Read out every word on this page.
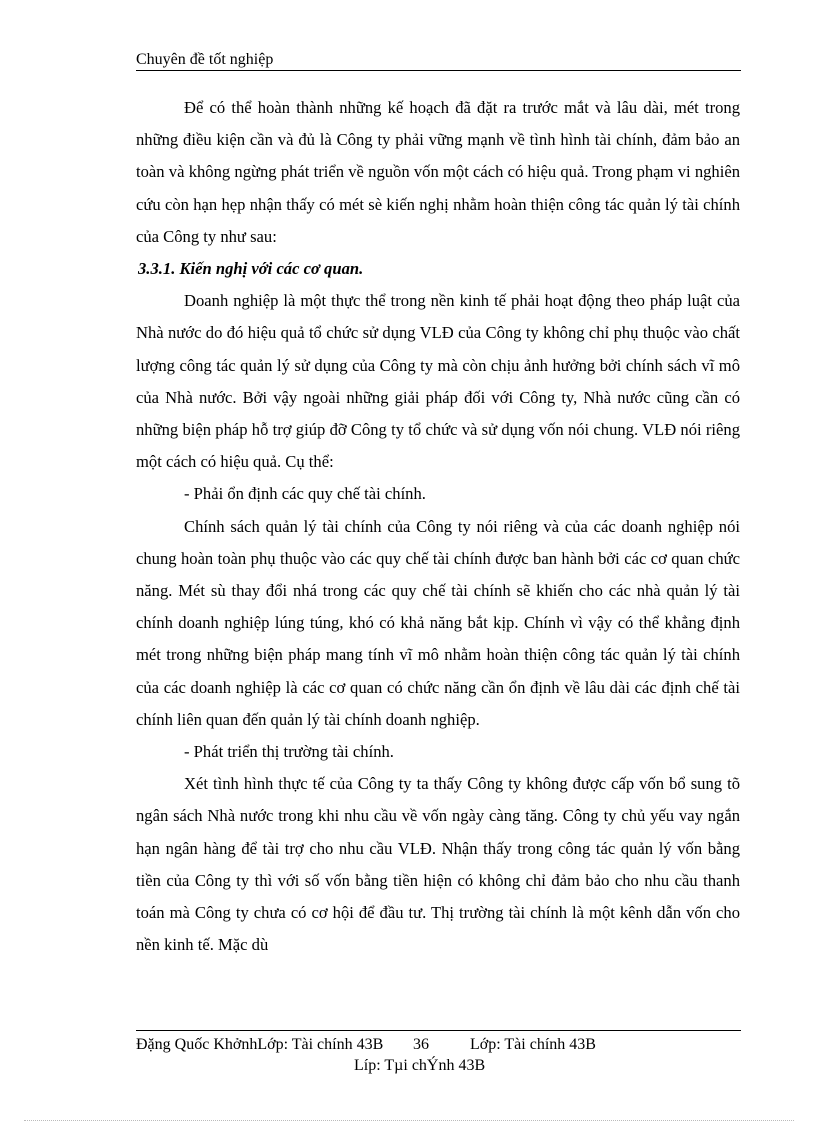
Chuyên đề tốt nghiệp

Để có thể hoàn thành những kế hoạch đã đặt ra trước mắt và lâu dài, mét trong những điều kiện cần và đủ là Công ty phải vững mạnh về tình hình tài chính, đảm bảo an toàn và không ngừng phát triển về nguồn vốn một cách có hiệu quả. Trong phạm vi nghiên cứu còn hạn hẹp nhận thấy có mét sè kiến nghị nhằm hoàn thiện công tác quản lý tài chính của Công ty như sau:

3.3.1. Kiến nghị với các cơ quan.

Doanh nghiệp là một thực thể trong nền kinh tế phải hoạt động theo pháp luật của Nhà nước do đó hiệu quả tổ chức sử dụng VLĐ của Công ty không chỉ phụ thuộc vào chất lượng công tác quản lý sử dụng của Công ty mà còn chịu ảnh hưởng bởi chính sách vĩ mô của Nhà nước. Bởi vậy ngoài những giải pháp đối với Công ty, Nhà nước cũng cần có những biện pháp hỗ trợ giúp đỡ Công ty tổ chức và sử dụng vốn nói chung. VLĐ nói riêng một cách có hiệu quả. Cụ thể:

- Phải ổn định các quy chế tài chính.

Chính sách quản lý tài chính của Công ty nói riêng và của các doanh nghiệp nói chung hoàn toàn phụ thuộc vào các quy chế tài chính được ban hành bởi các cơ quan chức năng. Mét sù thay đổi nhá trong các quy chế tài chính sẽ khiến cho các nhà quản lý tài chính doanh nghiệp lúng túng, khó có khả năng bắt kịp. Chính vì vậy có thể khẳng định mét trong những biện pháp mang tính vĩ mô nhằm hoàn thiện công tác quản lý tài chính của các doanh nghiệp là các cơ quan có chức năng cần ổn định về lâu dài các định chế tài chính liên quan đến quản lý tài chính doanh nghiệp.

- Phát triển thị trường tài chính.

Xét tình hình thực tế của Công ty ta thấy Công ty không được cấp vốn bổ sung tõ ngân sách Nhà nước trong khi nhu cầu về vốn ngày càng tăng. Công ty chủ yếu vay ngắn hạn ngân hàng để tài trợ cho nhu cầu VLĐ. Nhận thấy trong công tác quản lý vốn bằng tiền của Công ty thì với số vốn bằng tiền hiện có không chỉ đảm bảo cho nhu cầu thanh toán mà Công ty chưa có cơ hội để đầu tư. Thị trường tài chính là một kênh dẫn vốn cho nền kinh tế. Mặc dù

Đặng Quốc KhởnhLớp: Tài chính 43B	36	Lớp: Tài chính 43B
Líp: Tµi chÝnh 43B
